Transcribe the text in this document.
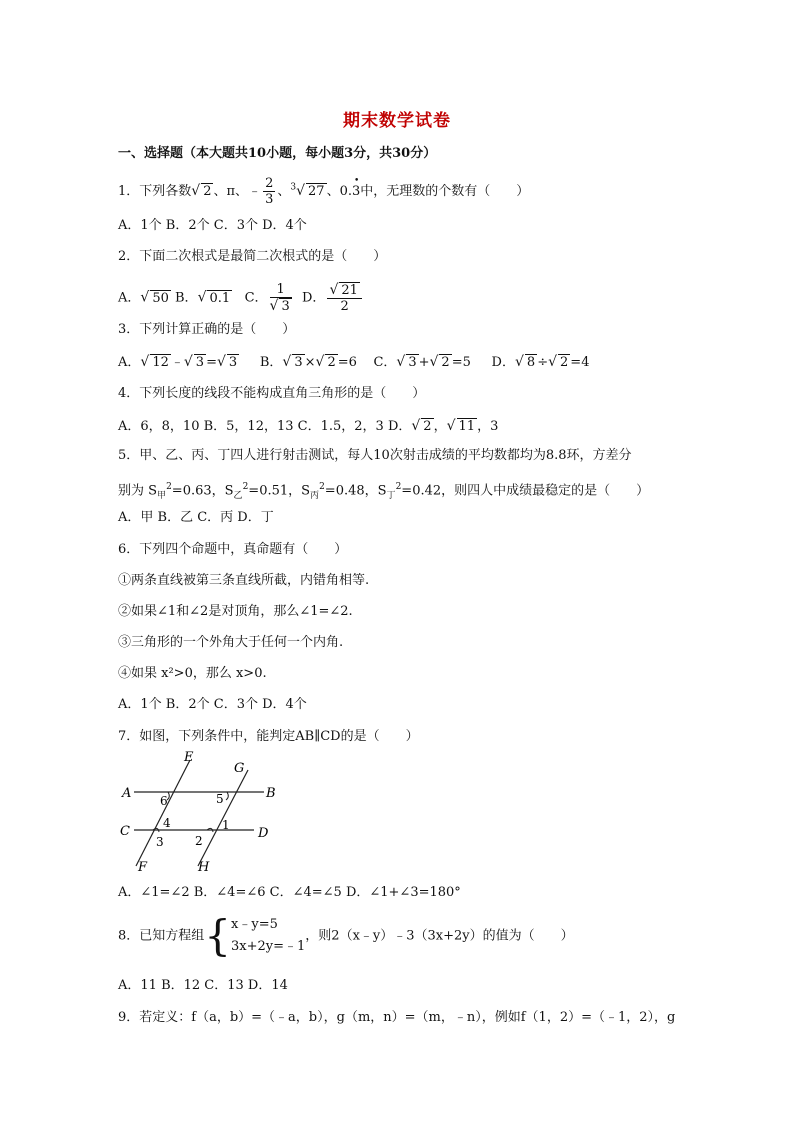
期末数学试卷
一、选择题（本大题共10小题，每小题3分，共30分）
1．下列各数√ 2 、π、﹣ $\frac{2}{3}$ 、$^3$√ 27 、0.• 3中，无理数的个数有（　　）
A．1个 B．2个 C．3个 D．4个
2．下面二次根式是最简二次根式的是（　　）
A．√ 50 B．√ 0.1 C． $\frac{1}{√ 3}$ D． $\frac{√ 21}{2}$
3．下列计算正确的是（　　）
A．√ 12 ﹣√ 3 =√ 3 B．√ 3 ×√ 2 =6 C．√ 3 +√ 2 =5 D．√ 8 ÷√ 2 =4
4．下列长度的线段不能构成直角三角形的是（　　）
A．6，8，10 B．5，12，13 C．1.5，2，3 D．√ 2 ，√ 11 ，3
5．甲、乙、丙、丁四人进行射击测试，每人10次射击成绩的平均数都均为8.8环，方差分
别为 $S_甲^2=0.63$，$S_乙^2=0.51$，$S_丙^2=0.48$，$S_丁^2=0.42$，则四人中成绩最稳定的是（　　）
A．甲 B．乙 C．丙 D．丁
6．下列四个命题中，真命题有（　　）
①两条直线被第三条直线所截，内错角相等.
②如果∠1和∠2是对顶角，那么∠1=∠2.
③三角形的一个外角大于任何一个内角.
④如果 x²>0，那么 x>0.
A．1个 B．2个 C．3个 D．4个
7．如图，下列条件中，能判定AB∥CD的是（　　）
A	B
C	D
E
F
G
H
1
2
3
4
5
6
A．∠1=∠2 B．∠4=∠6 C．∠4=∠5 D．∠1+∠3=180°
8．已知方程组{ x﹣y=5
3x+2y=﹣1
，则2（x﹣y）﹣3（3x+2y）的值为（　　）
A．11 B．12 C．13 D．14
9．若定义：f（a，b）=（﹣a，b），g（m，n）=（m，﹣n），例如f（1，2）=（﹣1，2），g
